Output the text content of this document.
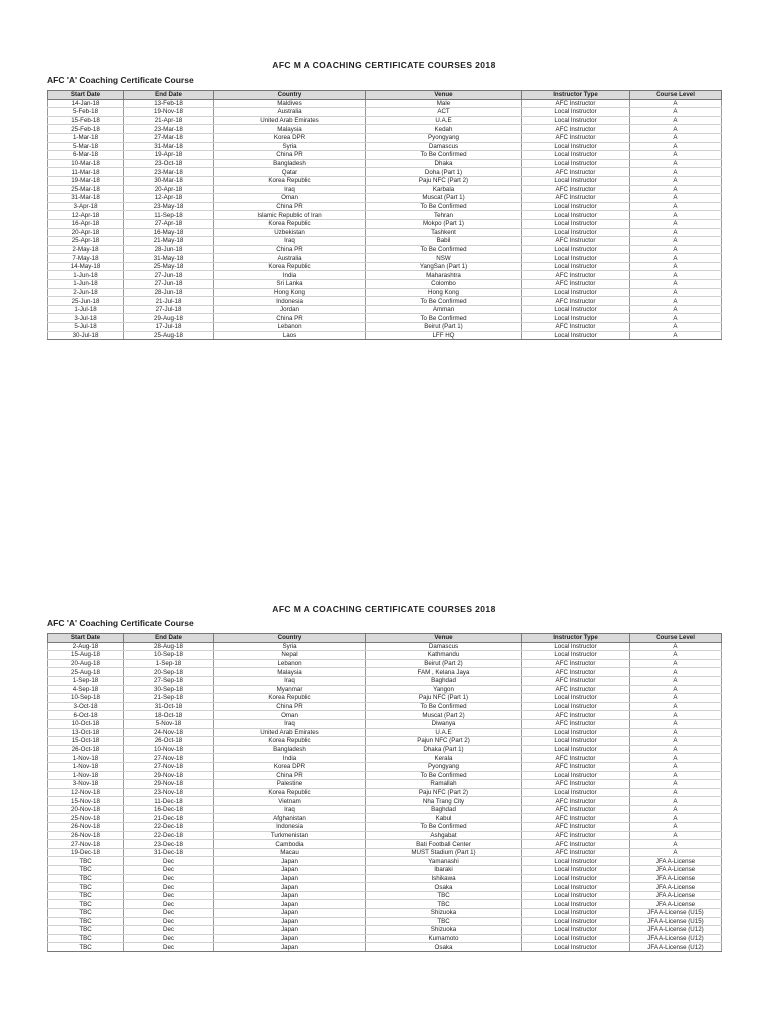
AFC M A COACHING CERTIFICATE COURSES 2018
AFC 'A' Coaching Certificate Course
Start Date	End Date	Country	Venue	Instructor Type	Course Level
14-Jan-18	13-Feb-18	Maldives	Male	AFC Instructor	A
5-Feb-18	19-Nov-18	Australia	ACT	Local Instructor	A
15-Feb-18	21-Apr-18	United Arab Emirates	U.A.E	Local Instructor	A
25-Feb-18	23-Mar-18	Malaysia	Kedah	AFC Instructor	A
1-Mar-18	27-Mar-18	Korea DPR	Pyongyang	AFC Instructor	A
5-Mar-18	31-Mar-18	Syria	Damascus	Local Instructor	A
6-Mar-18	19-Apr-18	China PR	To Be Confirmed	Local Instructor	A
10-Mar-18	23-Oct-18	Bangladesh	Dhaka	Local Instructor	A
11-Mar-18	23-Mar-18	Qatar	Doha (Part 1)	AFC Instructor	A
19-Mar-18	30-Mar-18	Korea Republic	Paju NFC (Part 2)	Local Instructor	A
25-Mar-18	20-Apr-18	Iraq	Karbala	AFC Instructor	A
31-Mar-18	12-Apr-18	Oman	Muscat (Part 1)	AFC Instructor	A
3-Apr-18	23-May-18	China PR	To Be Confirmed	Local Instructor	A
12-Apr-18	11-Sep-18	Islamic Republic of Iran	Tehran	Local Instructor	A
16-Apr-18	27-Apr-18	Korea Republic	Mokpo (Part 1)	Local Instructor	A
20-Apr-18	16-May-18	Uzbekistan	Tashkent	Local Instructor	A
25-Apr-18	21-May-18	Iraq	Babil	AFC Instructor	A
2-May-18	28-Jun-18	China PR	To Be Confirmed	Local Instructor	A
7-May-18	31-May-18	Australia	NSW	Local Instructor	A
14-May-18	25-May-18	Korea Republic	YangSan (Part 1)	Local Instructor	A
1-Jun-18	27-Jun-18	India	Maharashtra	AFC Instructor	A
1-Jun-18	27-Jun-18	Sri Lanka	Colombo	AFC Instructor	A
2-Jun-18	28-Jun-18	Hong Kong	Hong Kong	Local Instructor	A
25-Jun-18	21-Jul-18	Indonesia	To Be Confirmed	AFC Instructor	A
1-Jul-18	27-Jul-18	Jordan	Amman	Local Instructor	A
3-Jul-18	29-Aug-18	China PR	To Be Confirmed	Local Instructor	A
5-Jul-18	17-Jul-18	Lebanon	Beirut (Part 1)	AFC Instructor	A
30-Jul-18	25-Aug-18	Laos	LFF HQ	Local Instructor	A
AFC M A COACHING CERTIFICATE COURSES 2018
AFC 'A' Coaching Certificate Course
Start Date	End Date	Country	Venue	Instructor Type	Course Level
2-Aug-18	28-Aug-18	Syria	Damascus	Local Instructor	A
15-Aug-18	10-Sep-18	Nepal	Kathmandu	Local Instructor	A
20-Aug-18	1-Sep-18	Lebanon	Beirut (Part 2)	AFC Instructor	A
25-Aug-18	20-Sep-18	Malaysia	FAM , Kelana Jaya	AFC Instructor	A
1-Sep-18	27-Sep-18	Iraq	Baghdad	AFC Instructor	A
4-Sep-18	30-Sep-18	Myanmar	Yangon	AFC Instructor	A
10-Sep-18	21-Sep-18	Korea Republic	Paju NFC (Part 1)	Local Instructor	A
3-Oct-18	31-Oct-18	China PR	To Be Confirmed	Local Instructor	A
6-Oct-18	18-Oct-18	Oman	Muscat (Part 2)	AFC Instructor	A
10-Oct-18	5-Nov-18	Iraq	Diwanya	AFC Instructor	A
13-Oct-18	24-Nov-18	United Arab Emirates	U.A.E	Local Instructor	A
15-Oct-18	26-Oct-18	Korea Republic	Pajun NFC (Part 2)	Local Instructor	A
26-Oct-18	10-Nov-18	Bangladesh	Dhaka (Part 1)	Local Instructor	A
1-Nov-18	27-Nov-18	India	Kerala	AFC Instructor	A
1-Nov-18	27-Nov-18	Korea DPR	Pyongyang	AFC Instructor	A
1-Nov-18	29-Nov-18	China PR	To Be Confirmed	Local Instructor	A
3-Nov-18	29-Nov-18	Palestine	Ramallah	AFC Instructor	A
12-Nov-18	23-Nov-18	Korea Republic	Paju NFC (Part 2)	Local Instructor	A
15-Nov-18	11-Dec-18	Vietnam	Nha Trang City	AFC Instructor	A
20-Nov-18	16-Dec-18	Iraq	Baghdad	AFC Instructor	A
25-Nov-18	21-Dec-18	Afghanistan	Kabul	AFC Instructor	A
26-Nov-18	22-Dec-18	Indonesia	To Be Confirmed	AFC Instructor	A
26-Nov-18	22-Dec-18	Turkmenistan	Ashgabat	AFC Instructor	A
27-Nov-18	23-Dec-18	Cambodia	Bati Football Center	AFC Instructor	A
19-Dec-18	31-Dec-18	Macau	MUST Stadium (Part 1)	AFC Instructor	A
TBC	Dec	Japan	Yamanashi	Local Instructor	JFA A-License
TBC	Dec	Japan	Ibaraki	Local Instructor	JFA A-License
TBC	Dec	Japan	Ishikawa	Local Instructor	JFA A-License
TBC	Dec	Japan	Osaka	Local Instructor	JFA A-License
TBC	Dec	Japan	TBC	Local Instructor	JFA A-License
TBC	Dec	Japan	TBC	Local Instructor	JFA A-License
TBC	Dec	Japan	Shizuoka	Local Instructor	JFA A-License (U15)
TBC	Dec	Japan	TBC	Local Instructor	JFA A-License (U15)
TBC	Dec	Japan	Shizuoka	Local Instructor	JFA A-License (U12)
TBC	Dec	Japan	Kumamoto	Local Instructor	JFA A-License (U12)
TBC	Dec	Japan	Osaka	Local Instructor	JFA A-License (U12)
